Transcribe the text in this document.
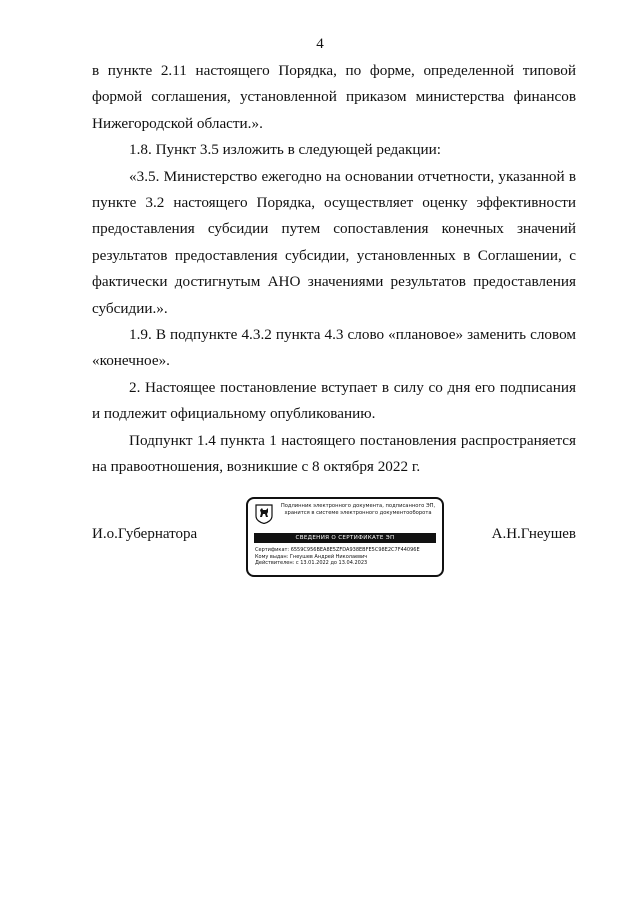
4

в пункте 2.11 настоящего Порядка, по форме, определенной типовой формой соглашения, установленной приказом министерства финансов Нижегородской области.».

1.8. Пункт 3.5 изложить в следующей редакции:

«3.5. Министерство ежегодно на основании отчетности, указанной в пункте 3.2 настоящего Порядка, осуществляет оценку эффективности предоставления субсидии путем сопоставления конечных значений результатов предоставления субсидии, установленных в Соглашении, с фактически достигнутым АНО значениями результатов предоставления субсидии.».

1.9. В подпункте 4.3.2 пункта 4.3 слово «плановое» заменить словом «конечное».

2. Настоящее постановление вступает в силу со дня его подписания и подлежит официальному опубликованию.

Подпункт 1.4 пункта 1 настоящего постановления распространяется на правоотношения, возникшие с 8 октября 2022 г.

И.о.Губернатора
Подлинник электронного документа, подписанного ЭП,
хранится в системе электронного документооборота
СВЕДЕНИЯ О СЕРТИФИКАТЕ ЭП
Сертификат: 6559C956BEA8E5ZFDA938EBFE5C98E2C7F44096E
Кому выдан: Гнеушев Андрей Николаевич
Действителен: с 13.01.2022 до 13.04.2023
А.Н.Гнеушев
